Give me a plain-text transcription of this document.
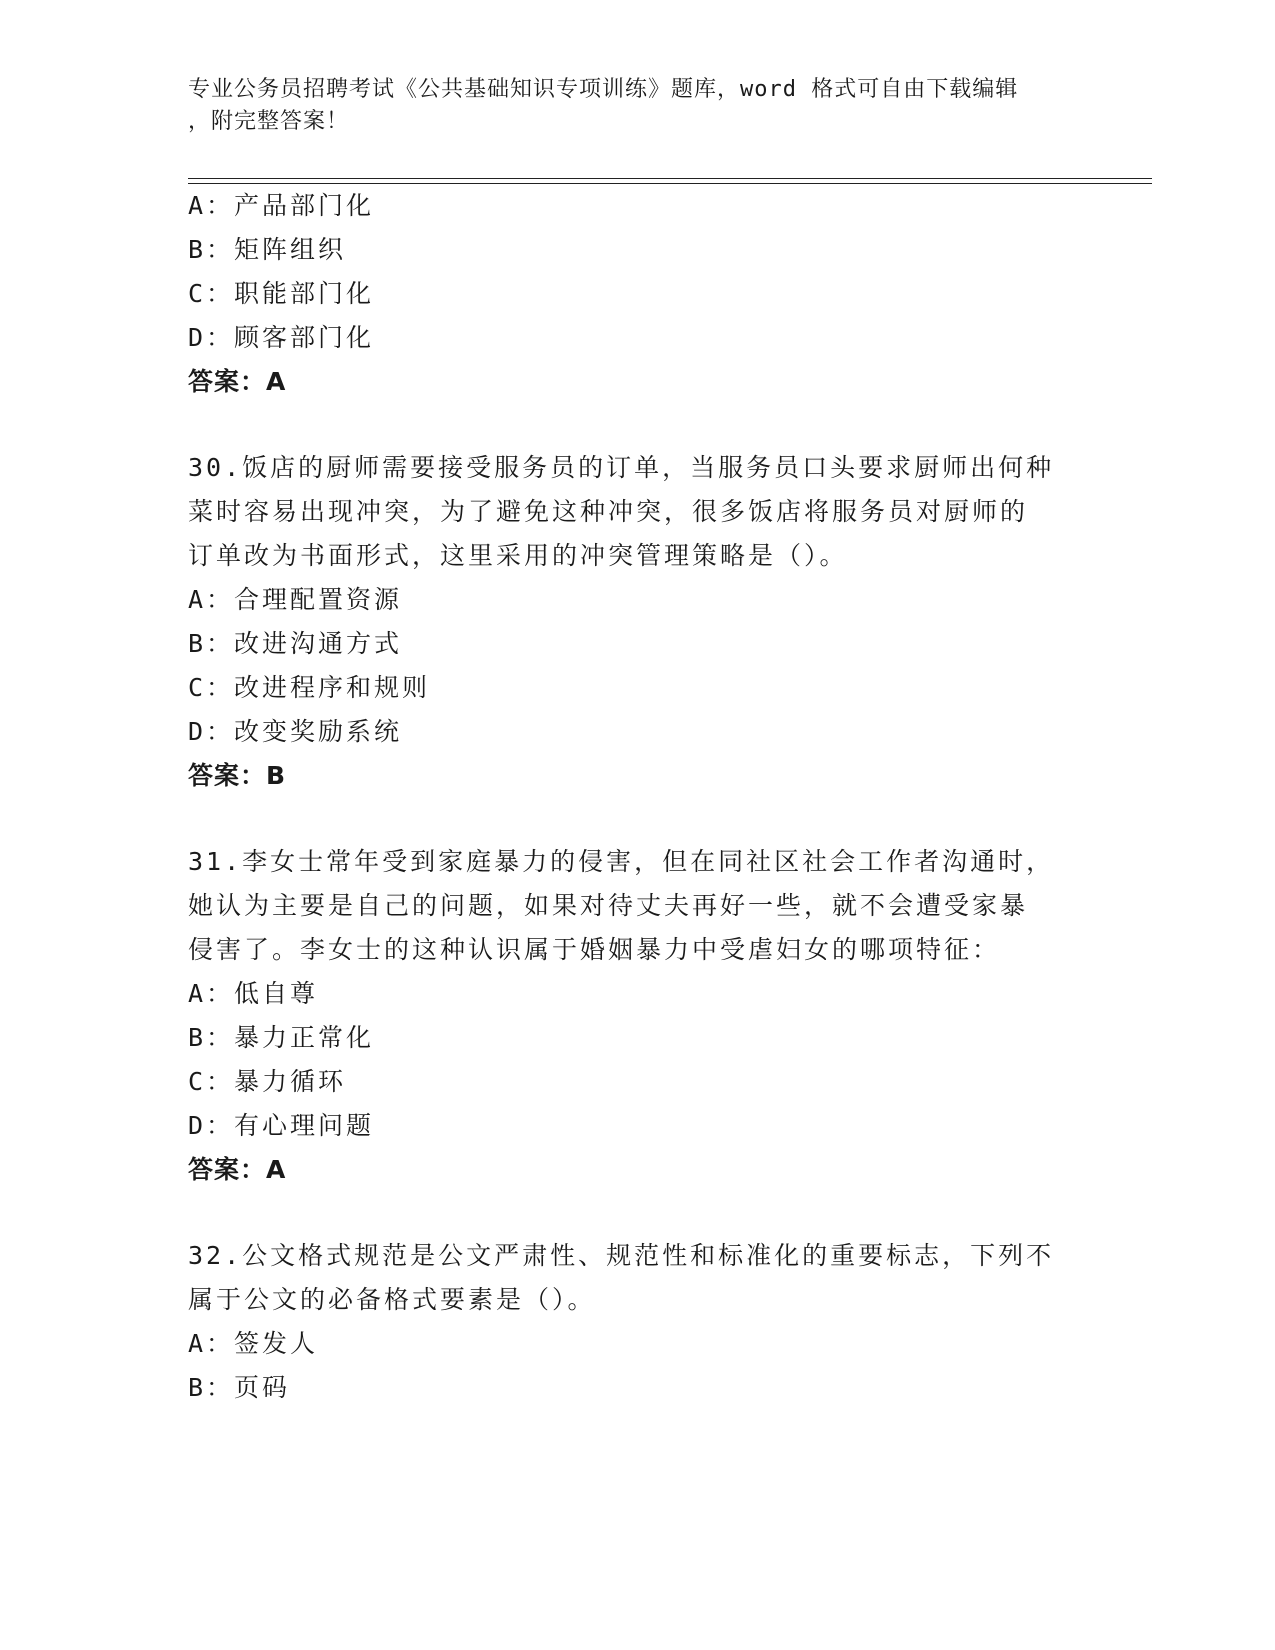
专业公务员招聘考试《公共基础知识专项训练》题库，word 格式可自由下载编辑
，附完整答案！
A：产品部门化
B：矩阵组织
C：职能部门化
D：顾客部门化
答案：A
30.饭店的厨师需要接受服务员的订单，当服务员口头要求厨师出何种
菜时容易出现冲突，为了避免这种冲突，很多饭店将服务员对厨师的
订单改为书面形式，这里采用的冲突管理策略是（）。
A：合理配置资源
B：改进沟通方式
C：改进程序和规则
D：改变奖励系统
答案：B
31.李女士常年受到家庭暴力的侵害，但在同社区社会工作者沟通时，
她认为主要是自己的问题，如果对待丈夫再好一些，就不会遭受家暴
侵害了。李女士的这种认识属于婚姻暴力中受虐妇女的哪项特征：
A：低自尊
B：暴力正常化
C：暴力循环
D：有心理问题
答案：A
32.公文格式规范是公文严肃性、规范性和标准化的重要标志，下列不
属于公文的必备格式要素是（）。
A：签发人
B：页码
